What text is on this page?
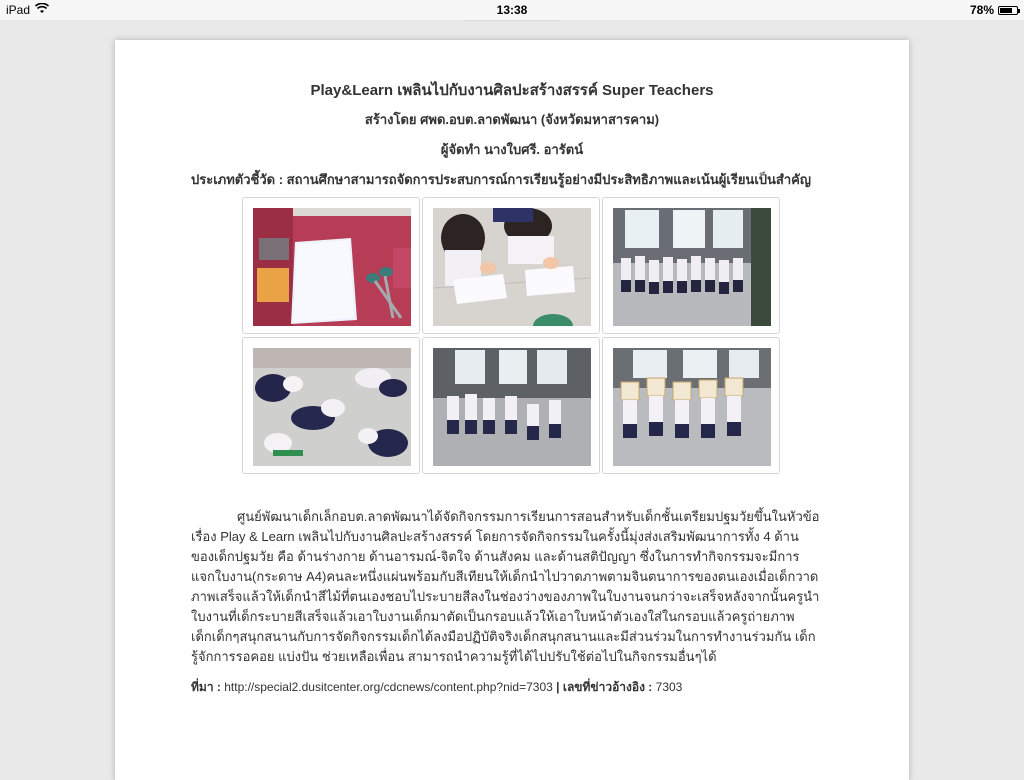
iPad	13:38	78%
Play&Learn เพลินไปกับงานศิลปะสร้างสรรค์ Super Teachers
สร้างโดย ศพด.อบต.ลาดพัฒนา (จังหวัดมหาสารคาม)
ผู้จัดทำ นางใบศรี. อารัตน์
ประเภทตัวชี้วัด : สถานศึกษาสามารถจัดการประสบการณ์การเรียนรู้อย่างมีประสิทธิภาพและเน้นผู้เรียนเป็นสำคัญ
ศูนย์พัฒนาเด็กเล็กอบต.ลาดพัฒนาได้จัดกิจกรรมการเรียนการสอนสำหรับเด็กชั้นเตรียมปฐมวัยขึ้นในหัวข้อ
เรื่อง Play & Learn เพลินไปกับงานศิลปะสร้างสรรค์ โดยการจัดกิจกรรมในครั้งนี้มุ่งส่งเสริมพัฒนาการทั้ง 4 ด้าน
ของเด็กปฐมวัย คือ ด้านร่างกาย ด้านอารมณ์-จิตใจ ด้านสังคม และด้านสติปัญญา ซึ่งในการทำกิจกรรมจะมีการ
แจกใบงาน(กระดาษ A4)คนละหนึ่งแผ่นพร้อมกับสีเทียนให้เด็กนำไปวาดภาพตามจินตนาการของตนเองเมื่อเด็กวาด
ภาพเสร็จแล้วให้เด็กนำสีไม้ที่ตนเองชอบไประบายสีลงในช่องว่างของภาพในใบงานจนกว่าจะเสร็จหลังจากนั้นครูนำ
ใบงานที่เด็กระบายสีเสร็จแล้วเอาใบงานเด็กมาตัดเป็นกรอบแล้วให้เอาใบหน้าตัวเองใส่ในกรอบแล้วครูถ่ายภาพ
เด็กเด็กๆสนุกสนานกับการจัดกิจกรรมเด็กได้ลงมือปฏิบัติจริงเด็กสนุกสนานและมีส่วนร่วมในการทำงานร่วมกัน เด็ก
รู้จักการรอคอย แบ่งปัน ช่วยเหลือเพื่อน สามารถนำความรู้ที่ได้ไปปรับใช้ต่อไปในกิจกรรมอื่นๆได้
ที่มา : http://special2.dusitcenter.org/cdcnews/content.php?nid=7303 | เลขที่ข่าวอ้างอิง : 7303
